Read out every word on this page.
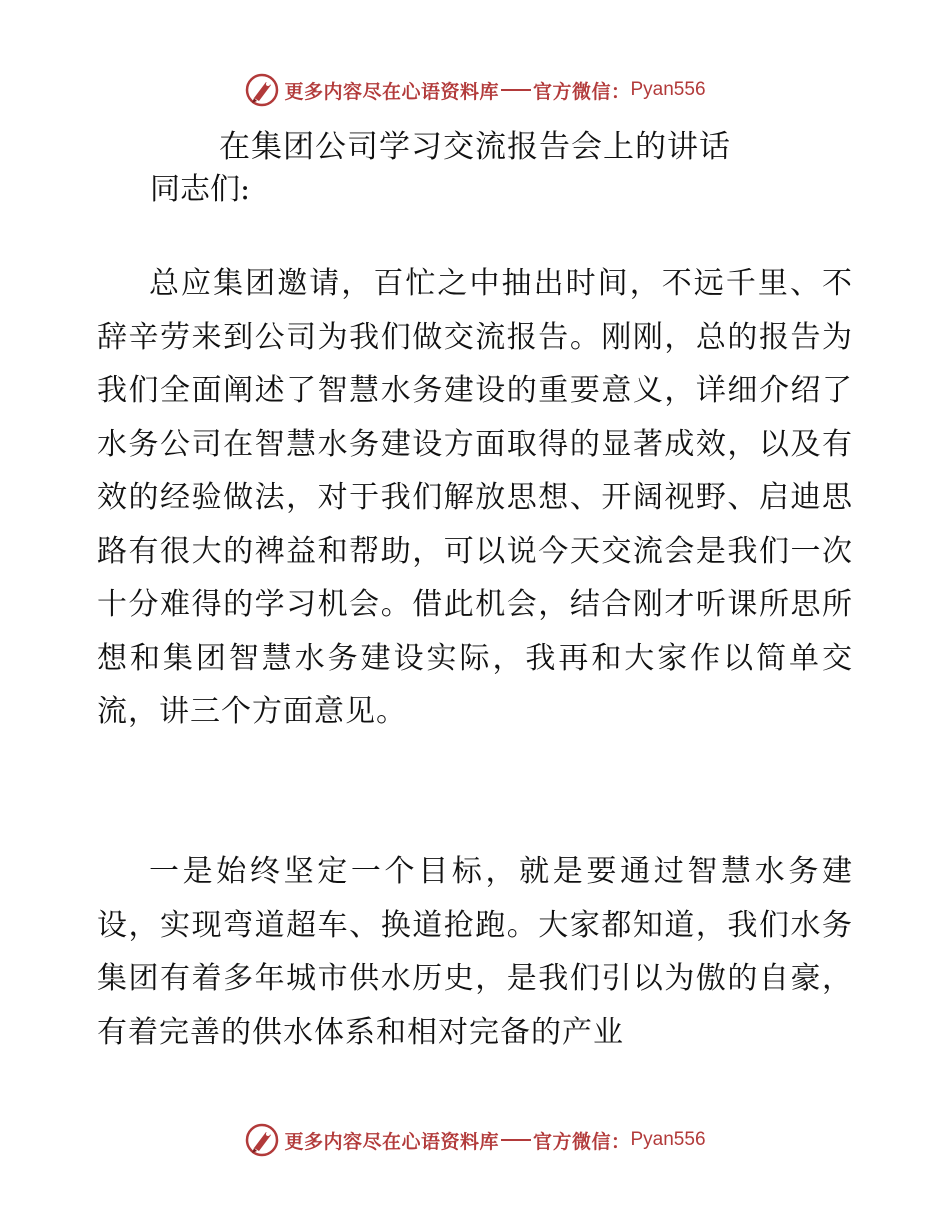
更多内容尽在心语资料库 官方微信： Pyan556
在集团公司学习交流报告会上的讲话
同志们:

总应集团邀请，百忙之中抽出时间，不远千里、不辞辛劳来到公司为我们做交流报告。刚刚，总的报告为我们全面阐述了智慧水务建设的重要意义，详细介绍了水务公司在智慧水务建设方面取得的显著成效，以及有效的经验做法，对于我们解放思想、开阔视野、启迪思路有很大的裨益和帮助，可以说今天交流会是我们一次十分难得的学习机会。借此机会，结合刚才听课所思所想和集团智慧水务建设实际，我再和大家作以简单交流，讲三个方面意见。

一是始终坚定一个目标，就是要通过智慧水务建设，实现弯道超车、换道抢跑。大家都知道，我们水务集团有着多年城市供水历史，是我们引以为傲的自豪，有着完善的供水体系和相对完备的产业

更多内容尽在心语资料库 官方微信： Pyan556
